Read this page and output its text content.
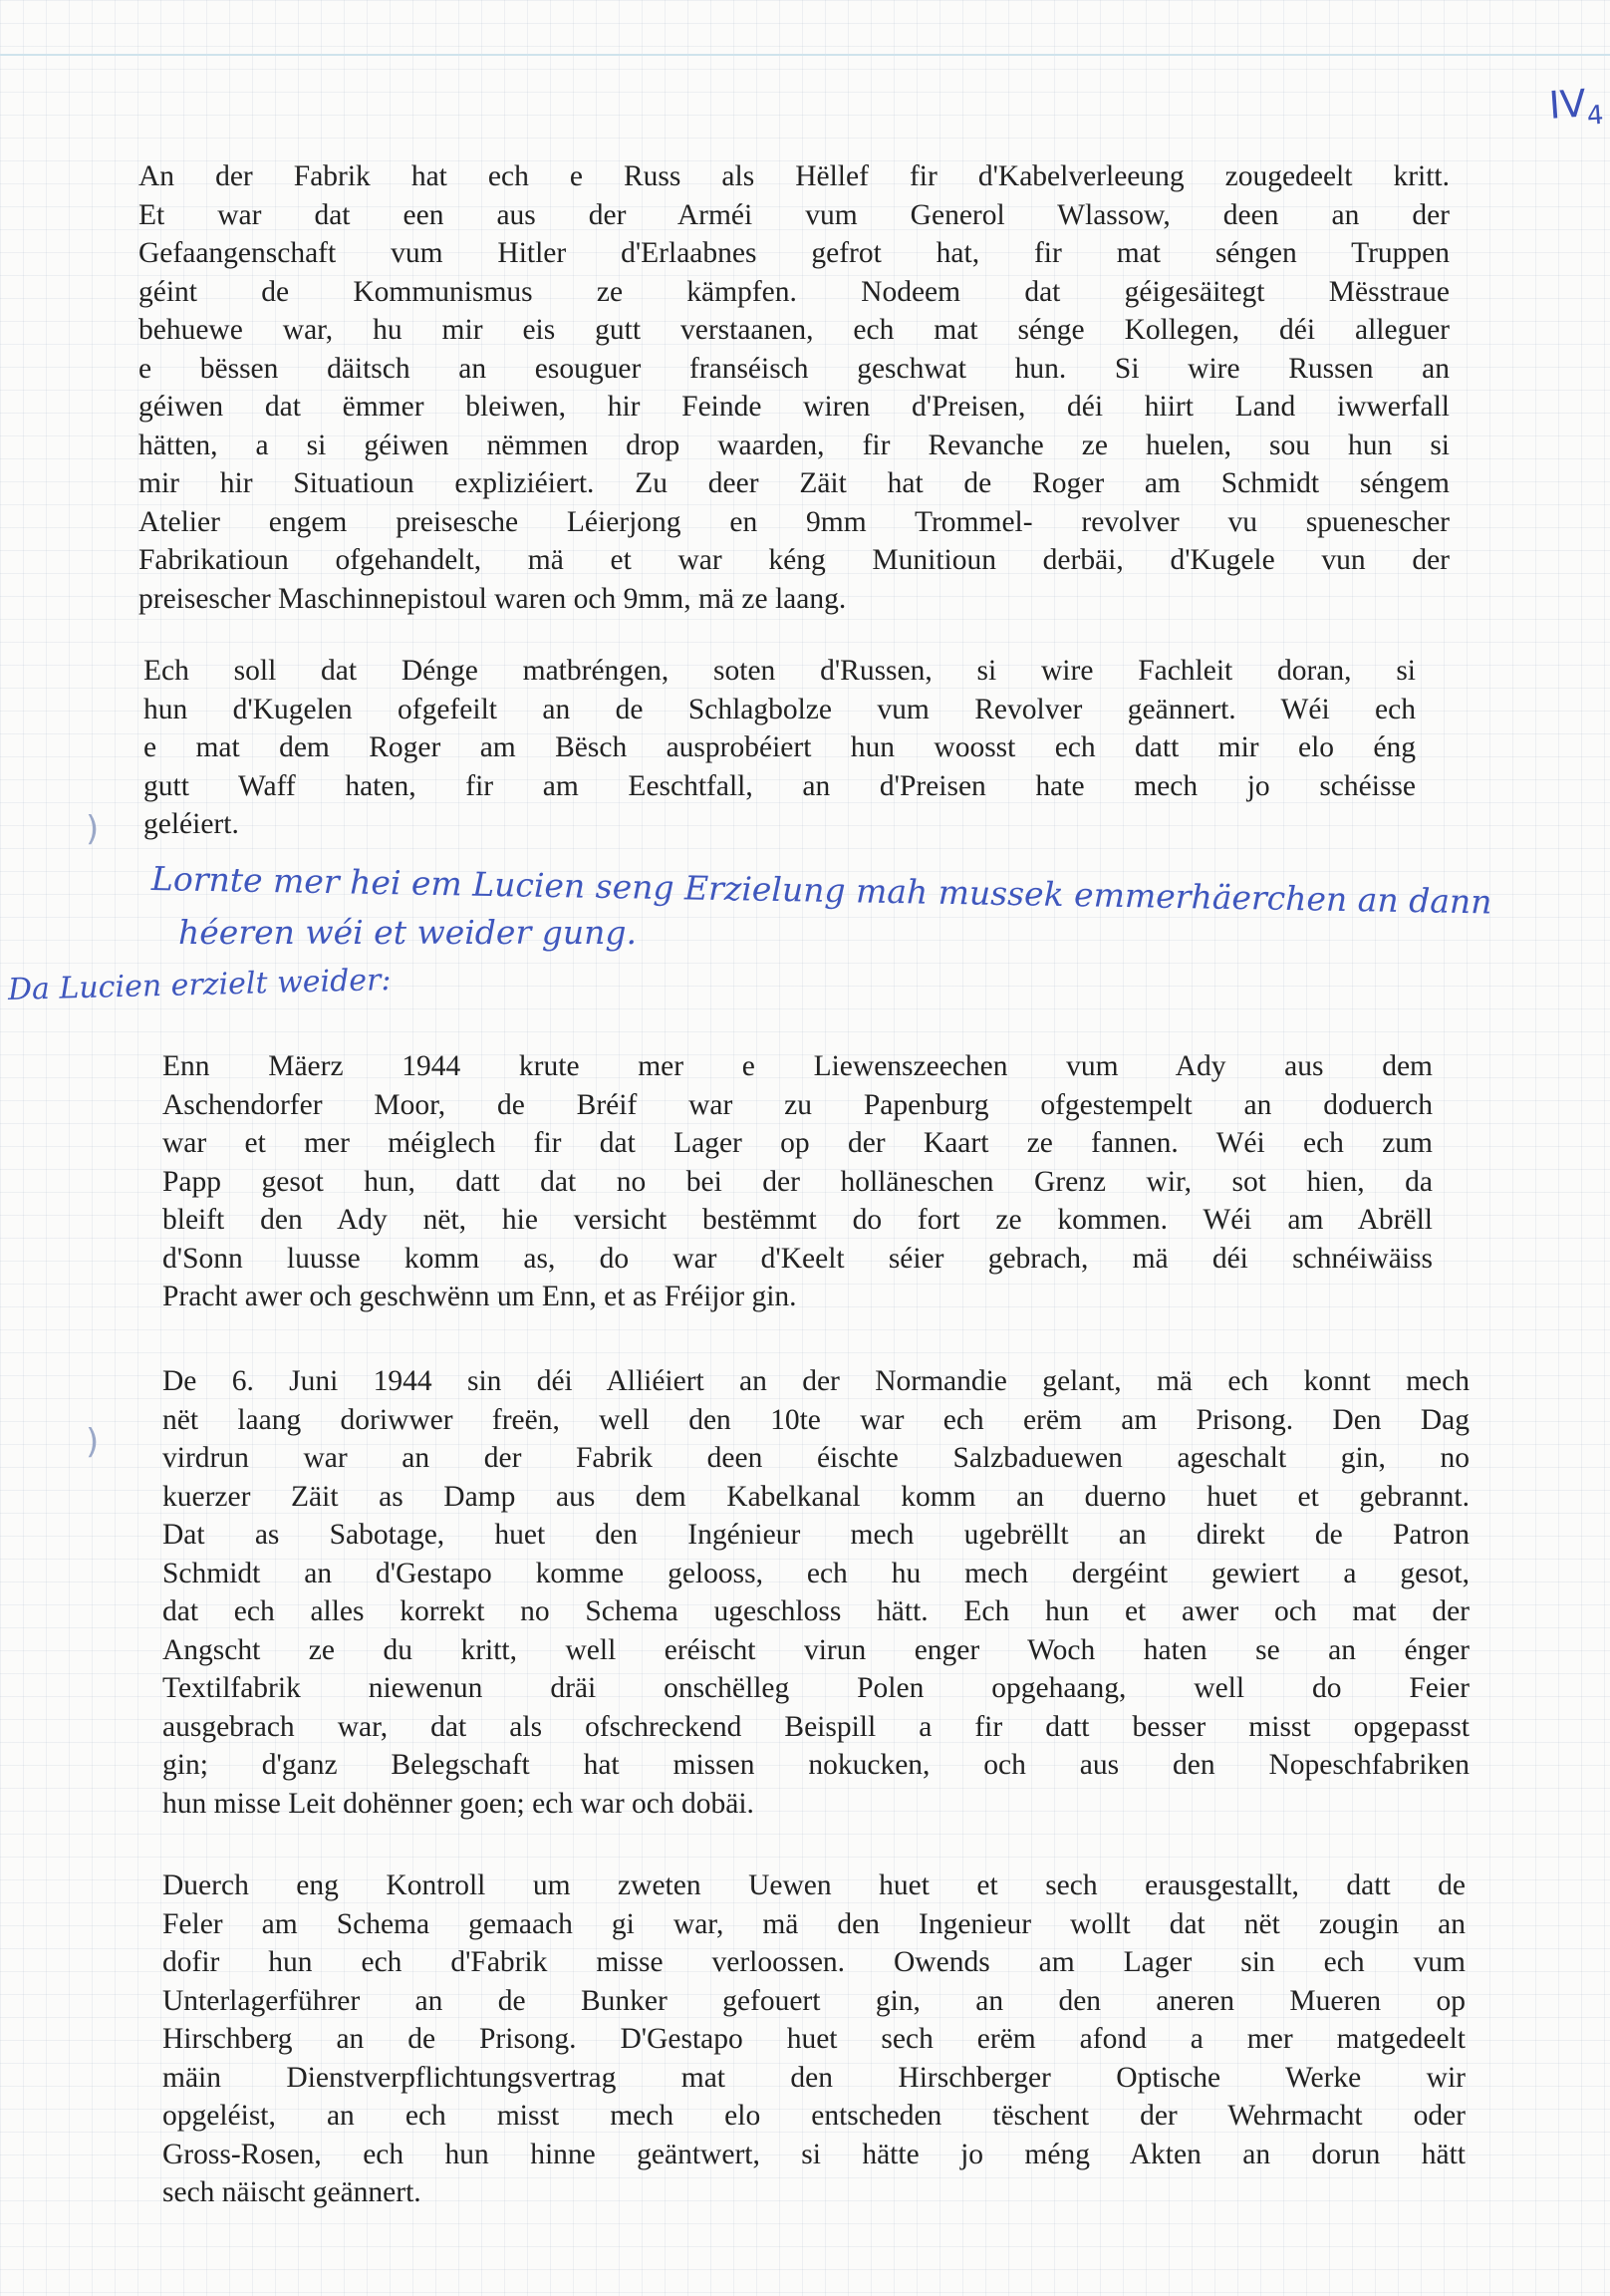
$IV_4$
An der Fabrik hat ech e Russ als Hëllef fir d'Kabelverleeung zougedeelt kritt.
Et war dat een aus der Arméi vum Generol Wlassow, deen an der
Gefaangenschaft vum Hitler d'Erlaabnes gefrot hat, fir mat séngen Truppen
géint de Kommunismus ze kämpfen. Nodeem dat géigesäitegt Mësstraue
behuewe war, hu mir eis gutt verstaanen, ech mat sénge Kollegen, déi alleguer
e bëssen däitsch an esouguer franséisch geschwat hun. Si wire Russen an
géiwen dat ëmmer bleiwen, hir Feinde wiren d'Preisen, déi hiirt Land iwwerfall
hätten, a si géiwen nëmmen drop waarden, fir Revanche ze huelen, sou hun si
mir hir Situatioun expliziéiert. Zu deer Zäit hat de Roger am Schmidt séngem
Atelier engem preisesche Léierjong en 9mm Trommel- revolver vu spuenescher
Fabrikatioun ofgehandelt, mä et war kéng Munitioun derbäi, d'Kugele vun der
preisescher Maschinnepistoul waren och 9mm, mä ze laang.
Ech soll dat Dénge matbréngen, soten d'Russen, si wire Fachleit doran, si
hun d'Kugelen ofgefeilt an de Schlagbolze vum Revolver geännert. Wéi ech
e mat dem Roger am Bësch ausprobéiert hun woosst ech datt mir elo éng
gutt Waff haten, fir am Eeschtfall, an d'Preisen hate mech jo schéisse
geléiert.
)
Lornte mer hei em Lucien seng Erzielung mah mussek emmerhäerchen an dann
héeren wéi et weider gung.
Da Lucien erzielt weider:
Enn Mäerz 1944 krute mer e Liewenszeechen vum Ady aus dem
Aschendorfer Moor, de Bréif war zu Papenburg ofgestempelt an doduerch
war et mer méiglech fir dat Lager op der Kaart ze fannen. Wéi ech zum
Papp gesot hun, datt dat no bei der holläneschen Grenz wir, sot hien, da
bleift den Ady nët, hie versicht bestëmmt do fort ze kommen. Wéi am Abrëll
d'Sonn luusse komm as, do war d'Keelt séier gebrach, mä déi schnéiwäiss
Pracht awer och geschwënn um Enn, et as Fréijor gin.
)
De 6. Juni 1944 sin déi Alliéiert an der Normandie gelant, mä ech konnt mech
nët laang doriwwer freën, well den 10te war ech erëm am Prisong. Den Dag
virdrun war an der Fabrik deen éischte Salzbaduewen ageschalt gin, no
kuerzer Zäit as Damp aus dem Kabelkanal komm an duerno huet et gebrannt.
Dat as Sabotage, huet den Ingénieur mech ugebrëllt an direkt de Patron
Schmidt an d'Gestapo komme gelooss, ech hu mech dergéint gewiert a gesot,
dat ech alles korrekt no Schema ugeschloss hätt. Ech hun et awer och mat der
Angscht ze du kritt, well eréischt virun enger Woch haten se an énger
Textilfabrik niewenun dräi onschëlleg Polen opgehaang, well do Feier
ausgebrach war, dat als ofschreckend Beispill a fir datt besser misst opgepasst
gin; d'ganz Belegschaft hat missen nokucken, och aus den Nopeschfabriken
hun misse Leit dohënner goen; ech war och dobäi.
Duerch eng Kontroll um zweten Uewen huet et sech erausgestallt, datt de
Feler am Schema gemaach gi war, mä den Ingenieur wollt dat nët zougin an
dofir hun ech d'Fabrik misse verloossen. Owends am Lager sin ech vum
Unterlagerführer an de Bunker gefouert gin, an den aneren Mueren op
Hirschberg an de Prisong. D'Gestapo huet sech erëm afond a mer matgedeelt
mäin Dienstverpflichtungsvertrag mat den Hirschberger Optische Werke wir
opgeléist, an ech misst mech elo entscheden tëschent der Wehrmacht oder
Gross-Rosen, ech hun hinne geäntwert, si hätte jo méng Akten an dorun hätt
sech näischt geännert.
